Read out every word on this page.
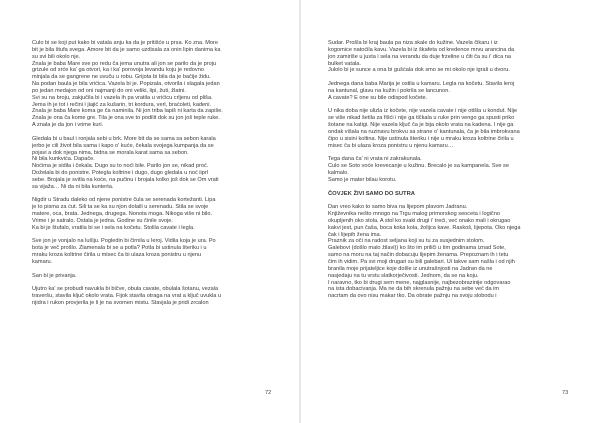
Čulo bi se koji put kako bi vatala anju ka da je pritišće u prsa. Ko zna. More
bit je bila štufa svega. Amore bit da je samo uzdisala za onin lipin danima ka
su svi bili okolo nje.
Znala je baba Mare sve po redu ča jema unutra ali jon se parilo da je proju
grizule od srće ka' ga otvori, ka i ka' porovoja levandu koju je redovno
minjala da se gangrene ne uvuču u robu. Grijota bi bila da je bačije židu.
Na podan baula je bila vrićica. Vazela bi je. Popizala, otvorila i slagala jedan
po jedan medajon od oni najmanji do oni veliki, lipi, žuti, žlatni.
Svi su na broju, zakjučila bi i vazela ih pa vratila u vrićicu crljenu od pliša.
Jema ih je tot i rečini i jiajić za kušarin, tri kordura, verl, braćoleti, kadeni.
Znala je baba Mare koma ge ča naminila. Ni jon triba lapiš ni karta da zapiše.
Znala je ona ča kome gre. Tila je ona sve to podilit dok su jon još teple ruke.
A znala je da jon i vrime kuri.

Gledala bi u baul i ronjala sebi u brk. More bit da se sama sa sebon karala
jerbo je cili život bila sama i kapo o' kuće, čekala svojega kumpanja da se
pojavi a dok njega nima, bidna se morala karat sama sa sebon.
Ni bila kunkvića. Dapače.
Noćima je sidila i čekala. Dugo su to noći bile. Parilo jon se, nikad proć.
Doželala bi do ponistre. Potegla koltrine i dugo, dugo gledala u noć iiprl
sebe. Brojala je svitla na koće, na pučinu i brojala kolko još dok se Om vrati
sa vijaža… Ni da ni bila kunterta.

Nigdir u Štradu daleko od njene ponistre čula se serenada kortežanti. Lipa
je to pisma za ćut. Sili ta se ka su njon dolaili u serenadu. Stila se svoje
matere, oca, brata. Jednega, drugega. Nonota moga. Nikoga više ni bilo.
Vrime i je satralo. Ostala je jedna. Godine su činile svoje.
Ka bi je štufalo, vratila bi se i sela na kočetu. Stolila cavate i legla.

Sve jon je vonjalo na lušlju. Pogledin bi čirnila u leroj. Vidila koja je ura. Po
bota je več prošlo. Zlamenala bi se a potla? Potla bi ustinula šteriku i u
mraku kroza koltrine čirila u misec ča bi ulaza kroza ponistru u njenu
kamaru.

San bi je privanja.

Ujutro ka' se probudi navukla bi bičve, obula cavate, obulala šotanu, vezala
traveršu, stavila ključ okolo vrata. Fijok stavila otraga na vrat a ključ uvukla u
njidra i rukon provjerila je li je na svomen mistu. Stavjala je pridi zrcalon

72

Sudar. Prošla bi kraj baula pa niza skale do kužine. Vazela čikaru i iz
kogomice natoćila kavu. Vazela bi iz škafeta od kredence mrvu arancina da
jon zamiriše u justa i sela na verandu da duje frzeline u ćiti ča su i' dica na
bulket vatala.
Julolo bi je sunce a ona bi gušćala dok smo se mi okolo nje igrali u dvoru.

Jednega dana baba Marija je ostila u kamaru. Legla na kočetu. Stavila leroj
na kantunal, glavu na kužin i pokrila se lancunon.
A cavate? E one su bile odispod kočete.

U nika doba nije ulizla iz kočete, nije vazela cavate i nije otišla u kondut. Nije
se više nikad šetila za fišći i nije ga tičkala u ruke prin vengo ga spusti priko
šotane na katigi. Nije vazela ključ ča je bija okolo vrata na kadena. I nije ga
ondak višala na ruzinavu brokvu sa strane o' kantunala, ča je bila imbrokvana
čipo u sisini koltina. Nije ustinula šteriku i nije u mraku kroza koltrine čirila u
misec ča bi ulaza kroza ponistru u njenu kamaru…

Tega dana ča' ni vrata ni zakrakunala.
Čulo se Soto voće krevecanje u kužinu. Brecalo je sa kampanela. Sve se
kalmalo.
Samo je mater bilau korotu.

ČOVJEK ŽIVI SAMO DO SUTRA

Dan vreo kako to samo biva na lijepom plavom Jadranu.
Književnika nešto mnogo na Trgu malog primorskog seoceta i logično
okupljenih oko stola. A stol ko svaki drugi i' treći, već onako mali i okrugao
kakvi jest, pun čaša, boca koka kola, žolijca kave. Raskoš, lijepota. Oko njega
čak i lijepih žena ima.
Praznik za oči na radost seljana koji su tu za susjednim stolom.
Galebovi (došlo malo žilavi)) ko što im priliči u tim godinama iznad Sote,
samo na moru na taj način dobacuju lijepim ženama. Prepoznam ih i tetu
čim ih vidim. Pa svi moji drugari su bili galebari. Ui takve sam našla i od njih
branila moje prijateljice koje došle iz unutrašnjosti na Jadran da ne
nasjedaju na tu vrstu slatkorječivosti. Jednom, da se na koju.
I naravno, tko bi drugi sem mene, najglasnije, najbezobrazinije odgovarao
na ista dobacivanja. Ma ne da bih skrenula pažnju na sebe već da im
nacrtam da ovo nisu makar tko. Da obrate pažnju na svoju slobodu i

73
